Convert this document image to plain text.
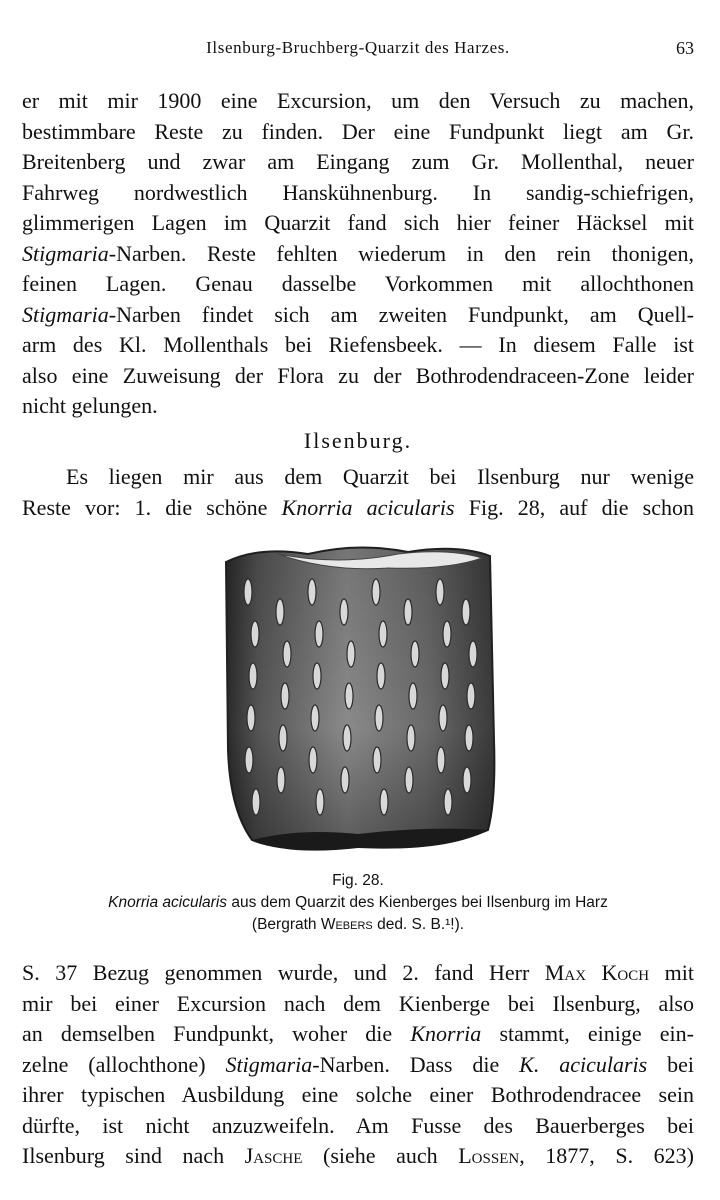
Ilsenburg-Bruchberg-Quarzit des Harzes.	63
er mit mir 1900 eine Excursion, um den Versuch zu machen,
bestimmbare Reste zu finden. Der eine Fundpunkt liegt am Gr.
Breitenberg und zwar am Eingang zum Gr. Mollenthal, neuer
Fahrweg nordwestlich Hanskühnenburg. In sandig-schiefrigen,
glimmerigen Lagen im Quarzit fand sich hier feiner Häcksel mit
Stigmaria-Narben. Reste fehlten wiederum in den rein thonigen,
feinen Lagen. Genau dasselbe Vorkommen mit allochthonen
Stigmaria-Narben findet sich am zweiten Fundpunkt, am Quell-
arm des Kl. Mollenthals bei Riefensbeek. — In diesem Falle ist
also eine Zuweisung der Flora zu der Bothrodendraceen-Zone leider
nicht gelungen.
Ilsenburg.
Es liegen mir aus dem Quarzit bei Ilsenburg nur wenige
Reste vor: 1. die schöne Knorria acicularis Fig. 28, auf die schon
Fig. 28.
Knorria acicularis aus dem Quarzit des Kienberges bei Ilsenburg im Harz
(Bergrath Webers ded. S. B.¹!).
S. 37 Bezug genommen wurde, und 2. fand Herr Max Koch mit
mir bei einer Excursion nach dem Kienberge bei Ilsenburg, also
an demselben Fundpunkt, woher die Knorria stammt, einige ein-
zelne (allochthone) Stigmaria-Narben. Dass die K. acicularis bei
ihrer typischen Ausbildung eine solche einer Bothrodendracee sein
dürfte, ist nicht anzuzweifeln. Am Fusse des Bauerberges bei
Ilsenburg sind nach Jasche (siehe auch Lossen, 1877, S. 623)
